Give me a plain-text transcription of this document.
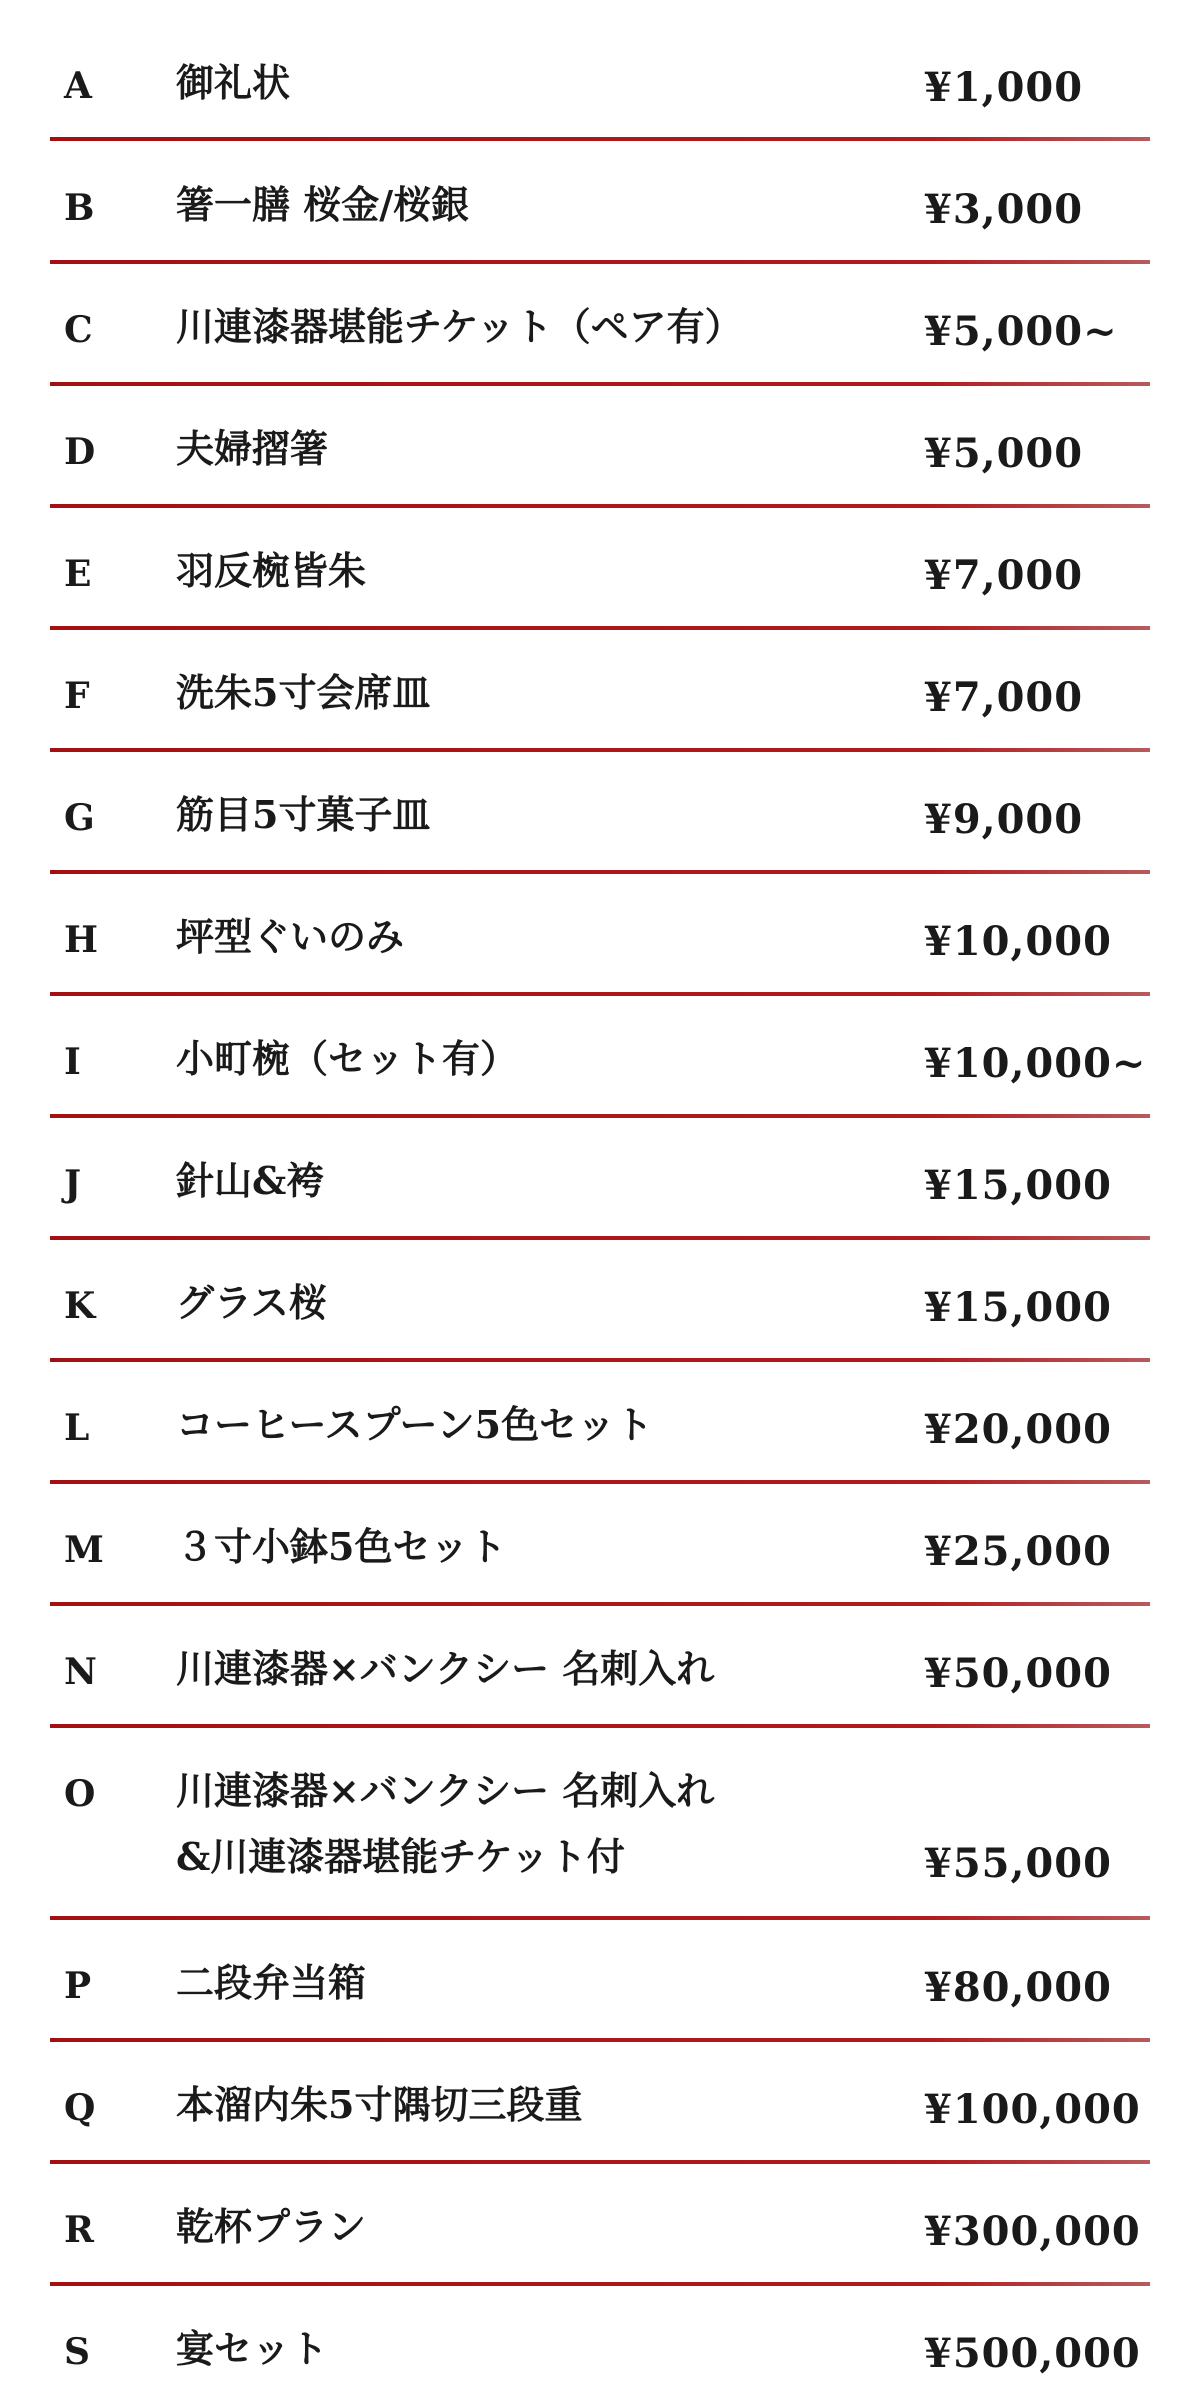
A	御礼状	¥1,000
B 箸一膳 桜金/桜銀	¥3,000
C 川連漆器堪能チケット（ペア有）	¥5,000~
D 夫婦摺箸	¥5,000
E	羽反椀皆朱	¥7,000
F	洗朱5寸会席皿	¥7,000
G 筋目5寸菓子皿	¥9,000
H 坪型ぐいのみ	¥10,000
I	小町椀（セット有）	¥10,000~
J	針山&袴	¥15,000
K グラス桜	¥15,000
L	コーヒースプーン5色セット	¥20,000
M ３寸小鉢5色セット	¥25,000
N 川連漆器×バンクシー 名刺入れ	¥50,000
O 川連漆器×バンクシー 名刺入れ
&川連漆器堪能チケット付	¥55,000
P	二段弁当箱	¥80,000
Q 本溜内朱5寸隅切三段重	¥100,000
R 乾杯プラン	¥300,000
S	宴セット	¥500,000
